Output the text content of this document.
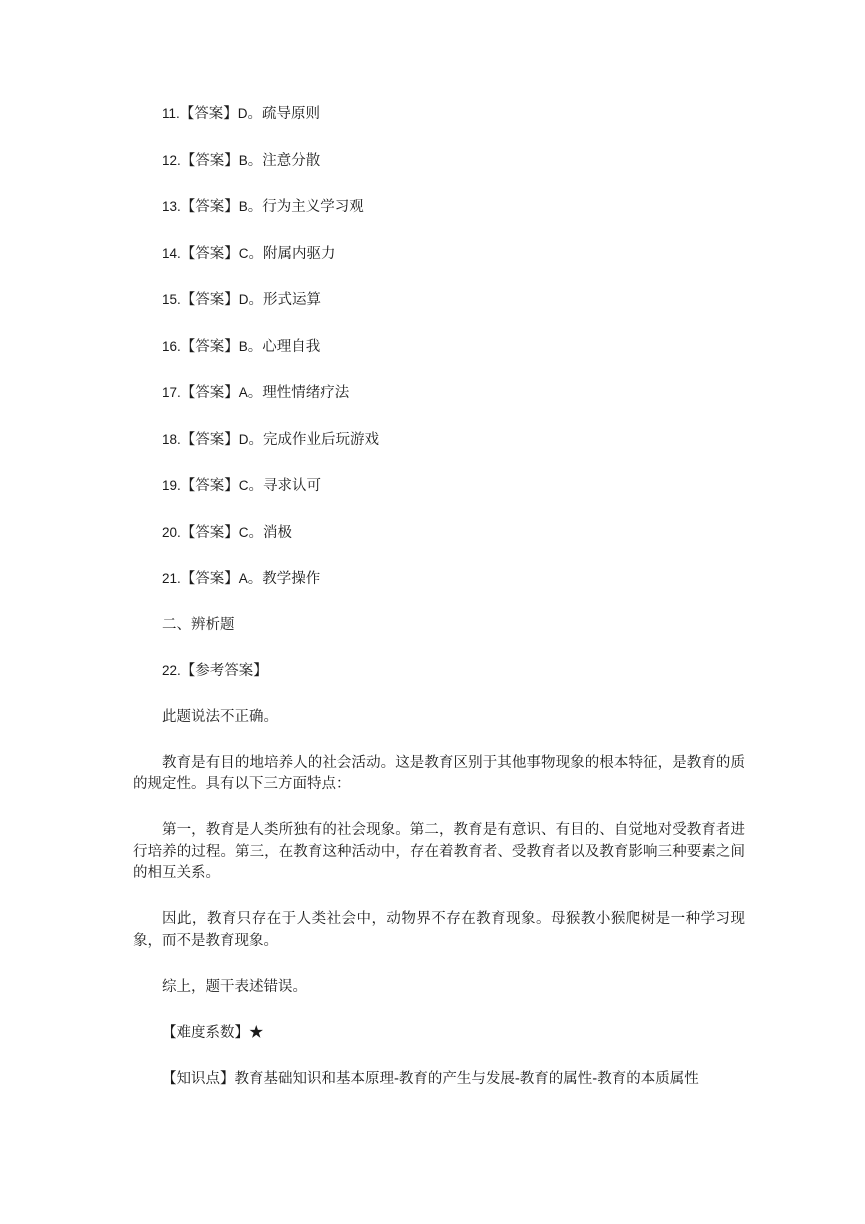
11.【答案】D。疏导原则
12.【答案】B。注意分散
13.【答案】B。行为主义学习观
14.【答案】C。附属内驱力
15.【答案】D。形式运算
16.【答案】B。心理自我
17.【答案】A。理性情绪疗法
18.【答案】D。完成作业后玩游戏
19.【答案】C。寻求认可
20.【答案】C。消极
21.【答案】A。教学操作
二、辨析题
22.【参考答案】

此题说法不正确。

教育是有目的地培养人的社会活动。这是教育区别于其他事物现象的根本特征，是教育的质的规定性。具有以下三方面特点：

第一，教育是人类所独有的社会现象。第二，教育是有意识、有目的、自觉地对受教育者进行培养的过程。第三，在教育这种活动中，存在着教育者、受教育者以及教育影响三种要素之间的相互关系。

因此，教育只存在于人类社会中，动物界不存在教育现象。母猴教小猴爬树是一种学习现象，而不是教育现象。

综上，题干表述错误。

【难度系数】★

【知识点】教育基础知识和基本原理-教育的产生与发展-教育的属性-教育的本质属性
